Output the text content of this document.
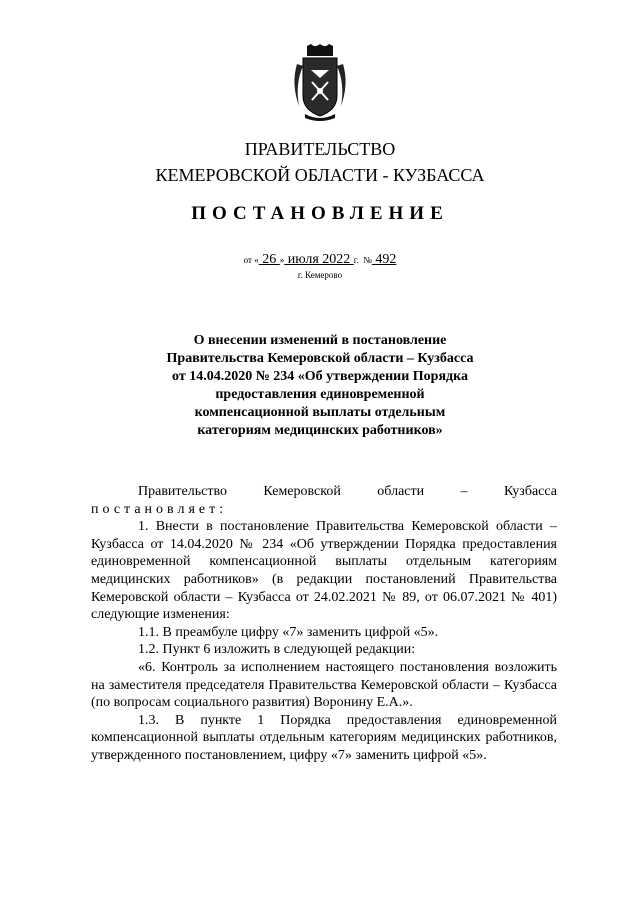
ПРАВИТЕЛЬСТВО
КЕМЕРОВСКОЙ ОБЛАСТИ - КУЗБАССА
ПОСТАНОВЛЕНИЕ
от « 26 » июля 2022 г. № 492
г. Кемерово
О внесении изменений в постановление
Правительства Кемеровской области – Кузбасса
от 14.04.2020 № 234 «Об утверждении Порядка
предоставления единовременной
компенсационной выплаты отдельным
категориям медицинских работников»

Правительство Кемеровской области – Кузбасса

постановляет:

1. Внести в постановление Правительства Кемеровской области – Кузбасса от 14.04.2020 № 234 «Об утверждении Порядка предоставления единовременной компенсационной выплаты отдельным категориям медицинских работников» (в редакции постановлений Правительства Кемеровской области – Кузбасса от 24.02.2021 № 89, от 06.07.2021 № 401) следующие изменения:

1.1. В преамбуле цифру «7» заменить цифрой «5».

1.2. Пункт 6 изложить в следующей редакции:

«6. Контроль за исполнением настоящего постановления возложить на заместителя председателя Правительства Кемеровской области – Кузбасса (по вопросам социального развития) Воронину Е.А.».

1.3. В пункте 1 Порядка предоставления единовременной компенсационной выплаты отдельным категориям медицинских работников, утвержденного постановлением, цифру «7» заменить цифрой «5».
